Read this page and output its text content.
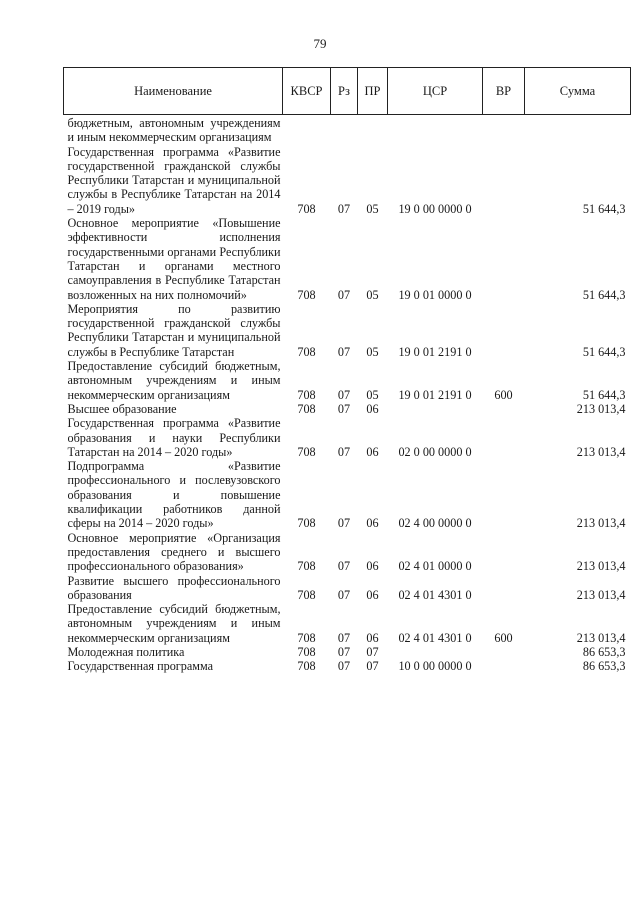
79
Наименование	КВСР	Рз	ПР	ЦСР	ВР	Сумма
бюджетным, автономным учреждениям и иным некоммерческим организациям						
Государственная программа «Развитие государственной гражданской службы Республики Татарстан и муниципальной службы в Республике Татарстан на 2014 – 2019 годы»	708	07	05	19 0 00 0000 0		51 644,3
Основное мероприятие «Повышение эффективности исполнения государственными органами Республики Татарстан и органами местного самоуправления в Республике Татарстан возложенных на них полномочий»	708	07	05	19 0 01 0000 0		51 644,3
Мероприятия по развитию государственной гражданской службы Республики Татарстан и муниципальной службы в Республике Татарстан	708	07	05	19 0 01 2191 0		51 644,3
Предоставление субсидий бюджетным, автономным учреждениям и иным некоммерческим организациям	708	07	05	19 0 01 2191 0	600	51 644,3
Высшее образование	708	07	06			213 013,4
Государственная программа «Развитие образования и науки Республики Татарстан на 2014 – 2020 годы»	708	07	06	02 0 00 0000 0		213 013,4
Подпрограмма «Развитие профессионального и послевузовского образования и повышение квалификации работников данной сферы на 2014 – 2020 годы»	708	07	06	02 4 00 0000 0		213 013,4
Основное мероприятие «Организация предоставления среднего и высшего профессионального образования»	708	07	06	02 4 01 0000 0		213 013,4
Развитие высшего профессионального образования	708	07	06	02 4 01 4301 0		213 013,4
Предоставление субсидий бюджетным, автономным учреждениям и иным некоммерческим организациям	708	07	06	02 4 01 4301 0	600	213 013,4
Молодежная политика	708	07	07			86 653,3
Государственная программа	708	07	07	10 0 00 0000 0		86 653,3
